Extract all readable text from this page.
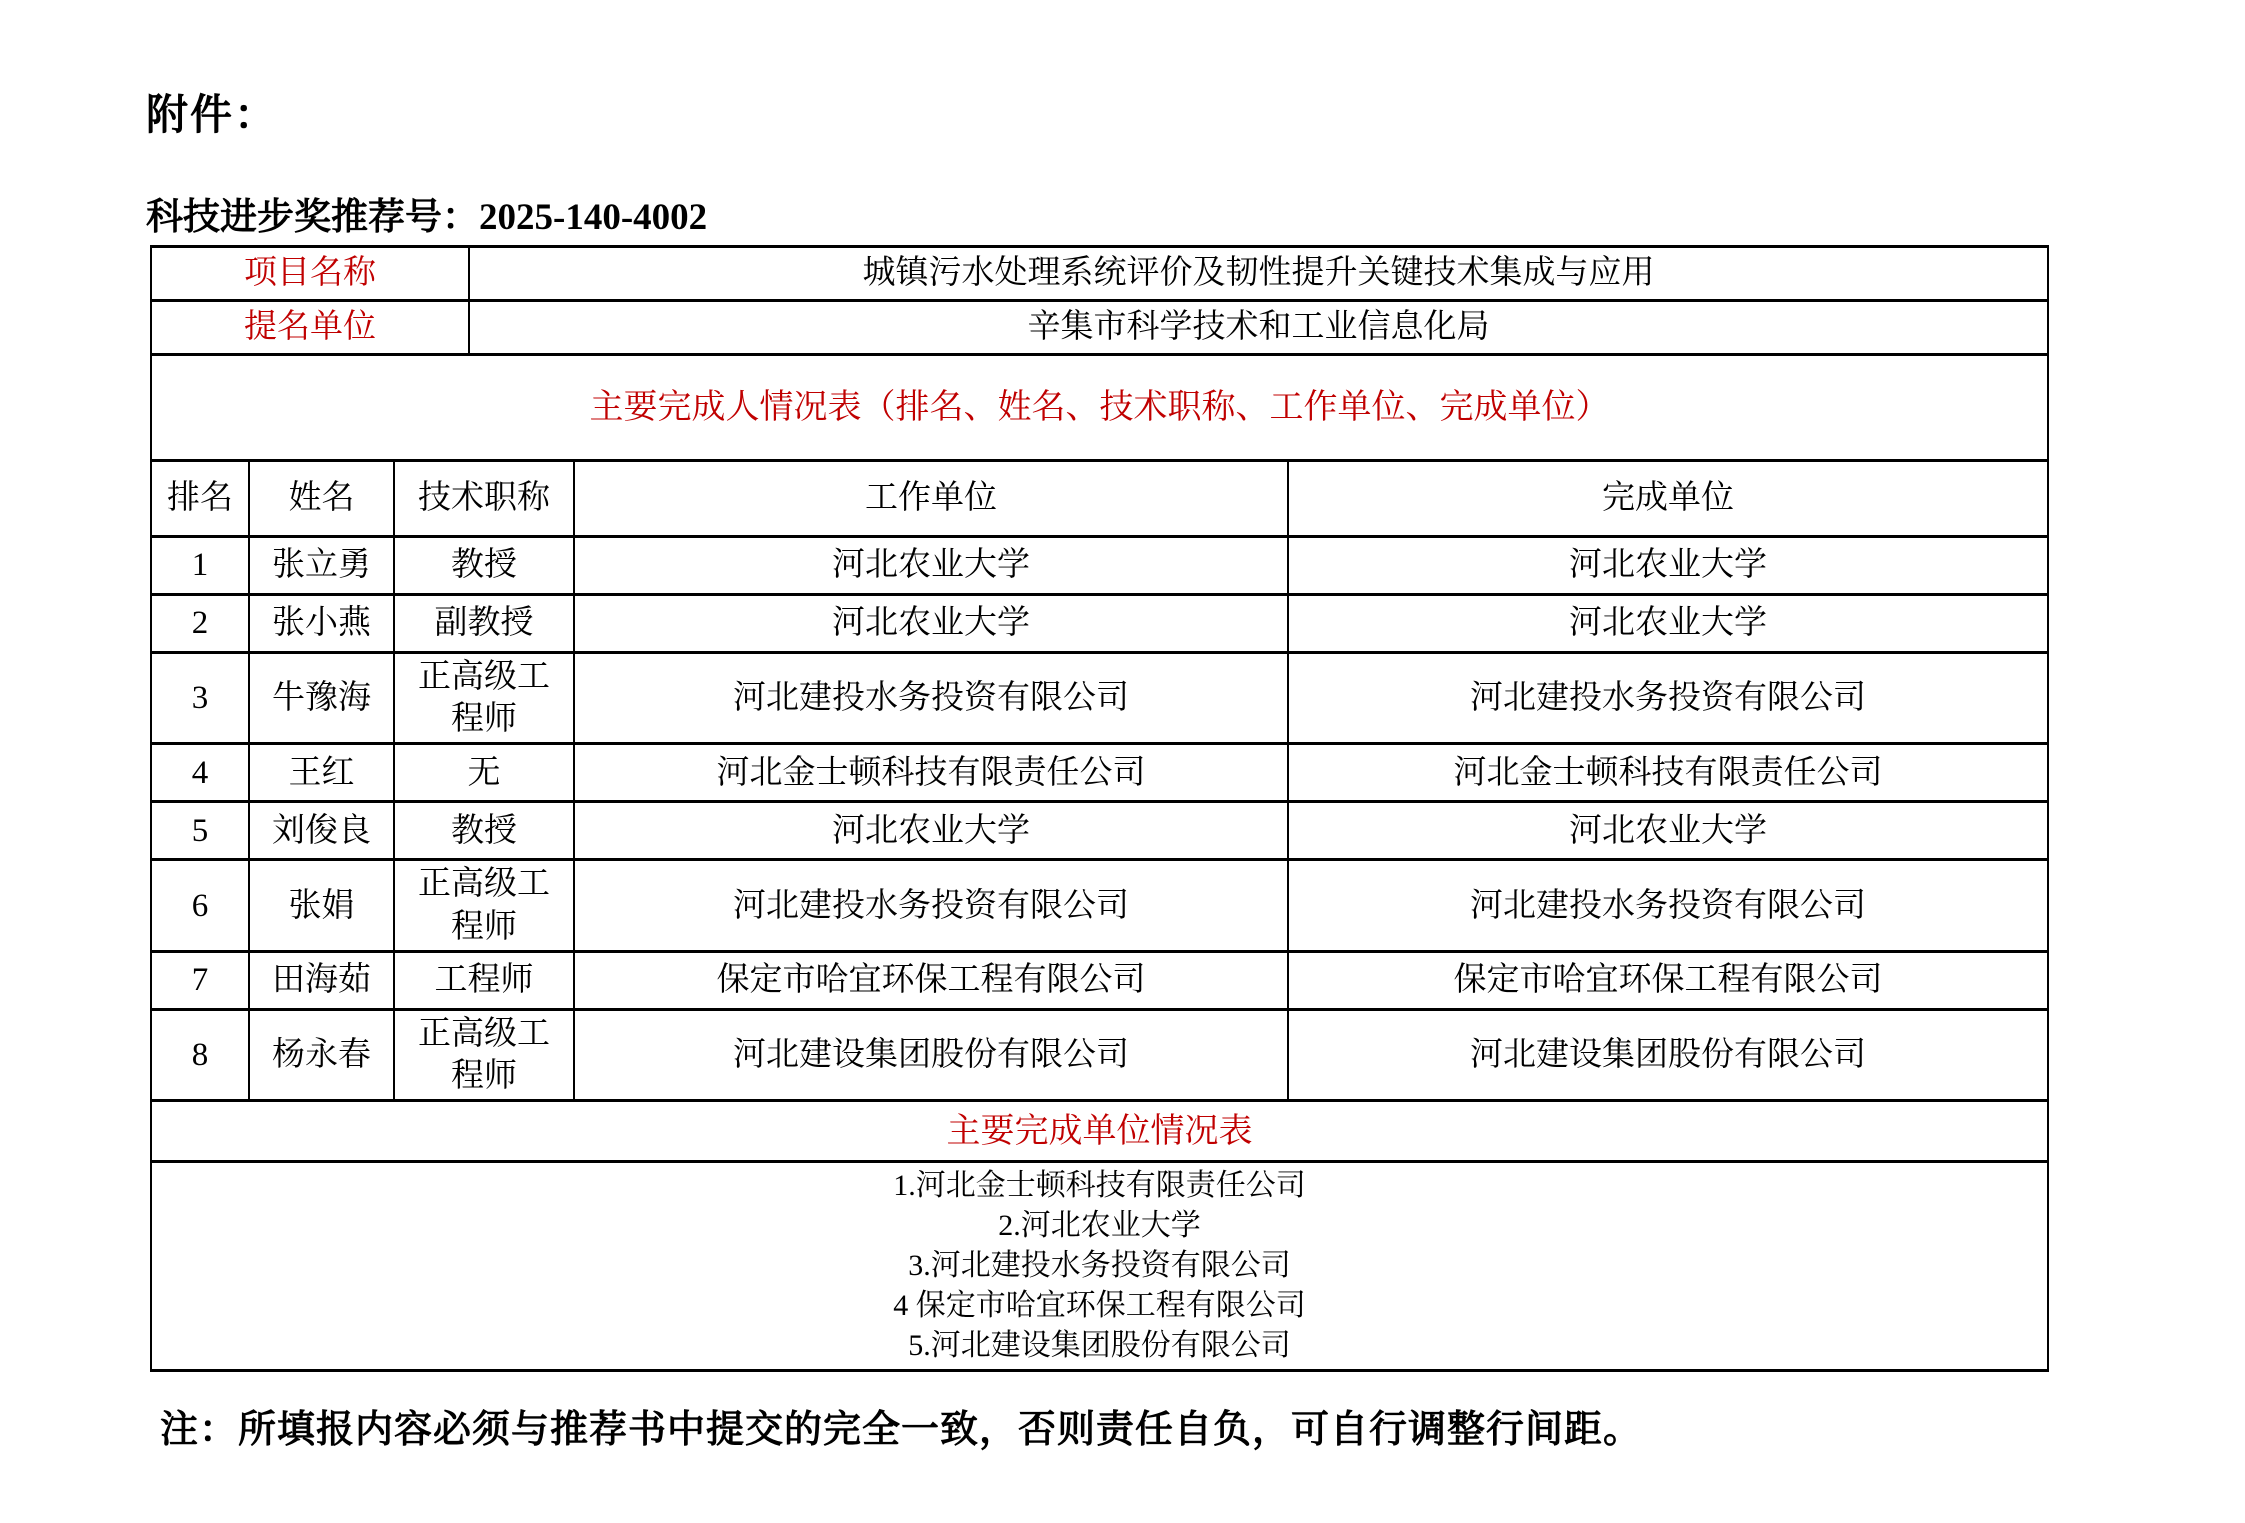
附件：
科技进步奖推荐号：2025-140-4002
项目名称			城镇污水处理系统评价及韧性提升关键技术集成与应用		
提名单位			辛集市科学技术和工业信息化局		
主要完成人情况表（排名、姓名、技术职称、工作单位、完成单位）					
排名	姓名	技术职称		工作单位	完成单位
1	张立勇	教授		河北农业大学	河北农业大学
2	张小燕	副教授		河北农业大学	河北农业大学
3	牛豫海	正高级工程师		河北建投水务投资有限公司	河北建投水务投资有限公司
4	王红	无		河北金士顿科技有限责任公司	河北金士顿科技有限责任公司
5	刘俊良	教授		河北农业大学	河北农业大学
6	张娟	正高级工程师		河北建投水务投资有限公司	河北建投水务投资有限公司
7	田海茹	工程师		保定市哈宜环保工程有限公司	保定市哈宜环保工程有限公司
8	杨永春	正高级工程师		河北建设集团股份有限公司	河北建设集团股份有限公司
主要完成单位情况表					

1.河北金士顿科技有限责任公司
2.河北农业大学
3.河北建投水务投资有限公司
4 保定市哈宜环保工程有限公司
5.河北建设集团股份有限公司					
注：所填报内容必须与推荐书中提交的完全一致，否则责任自负，可自行调整行间距。
